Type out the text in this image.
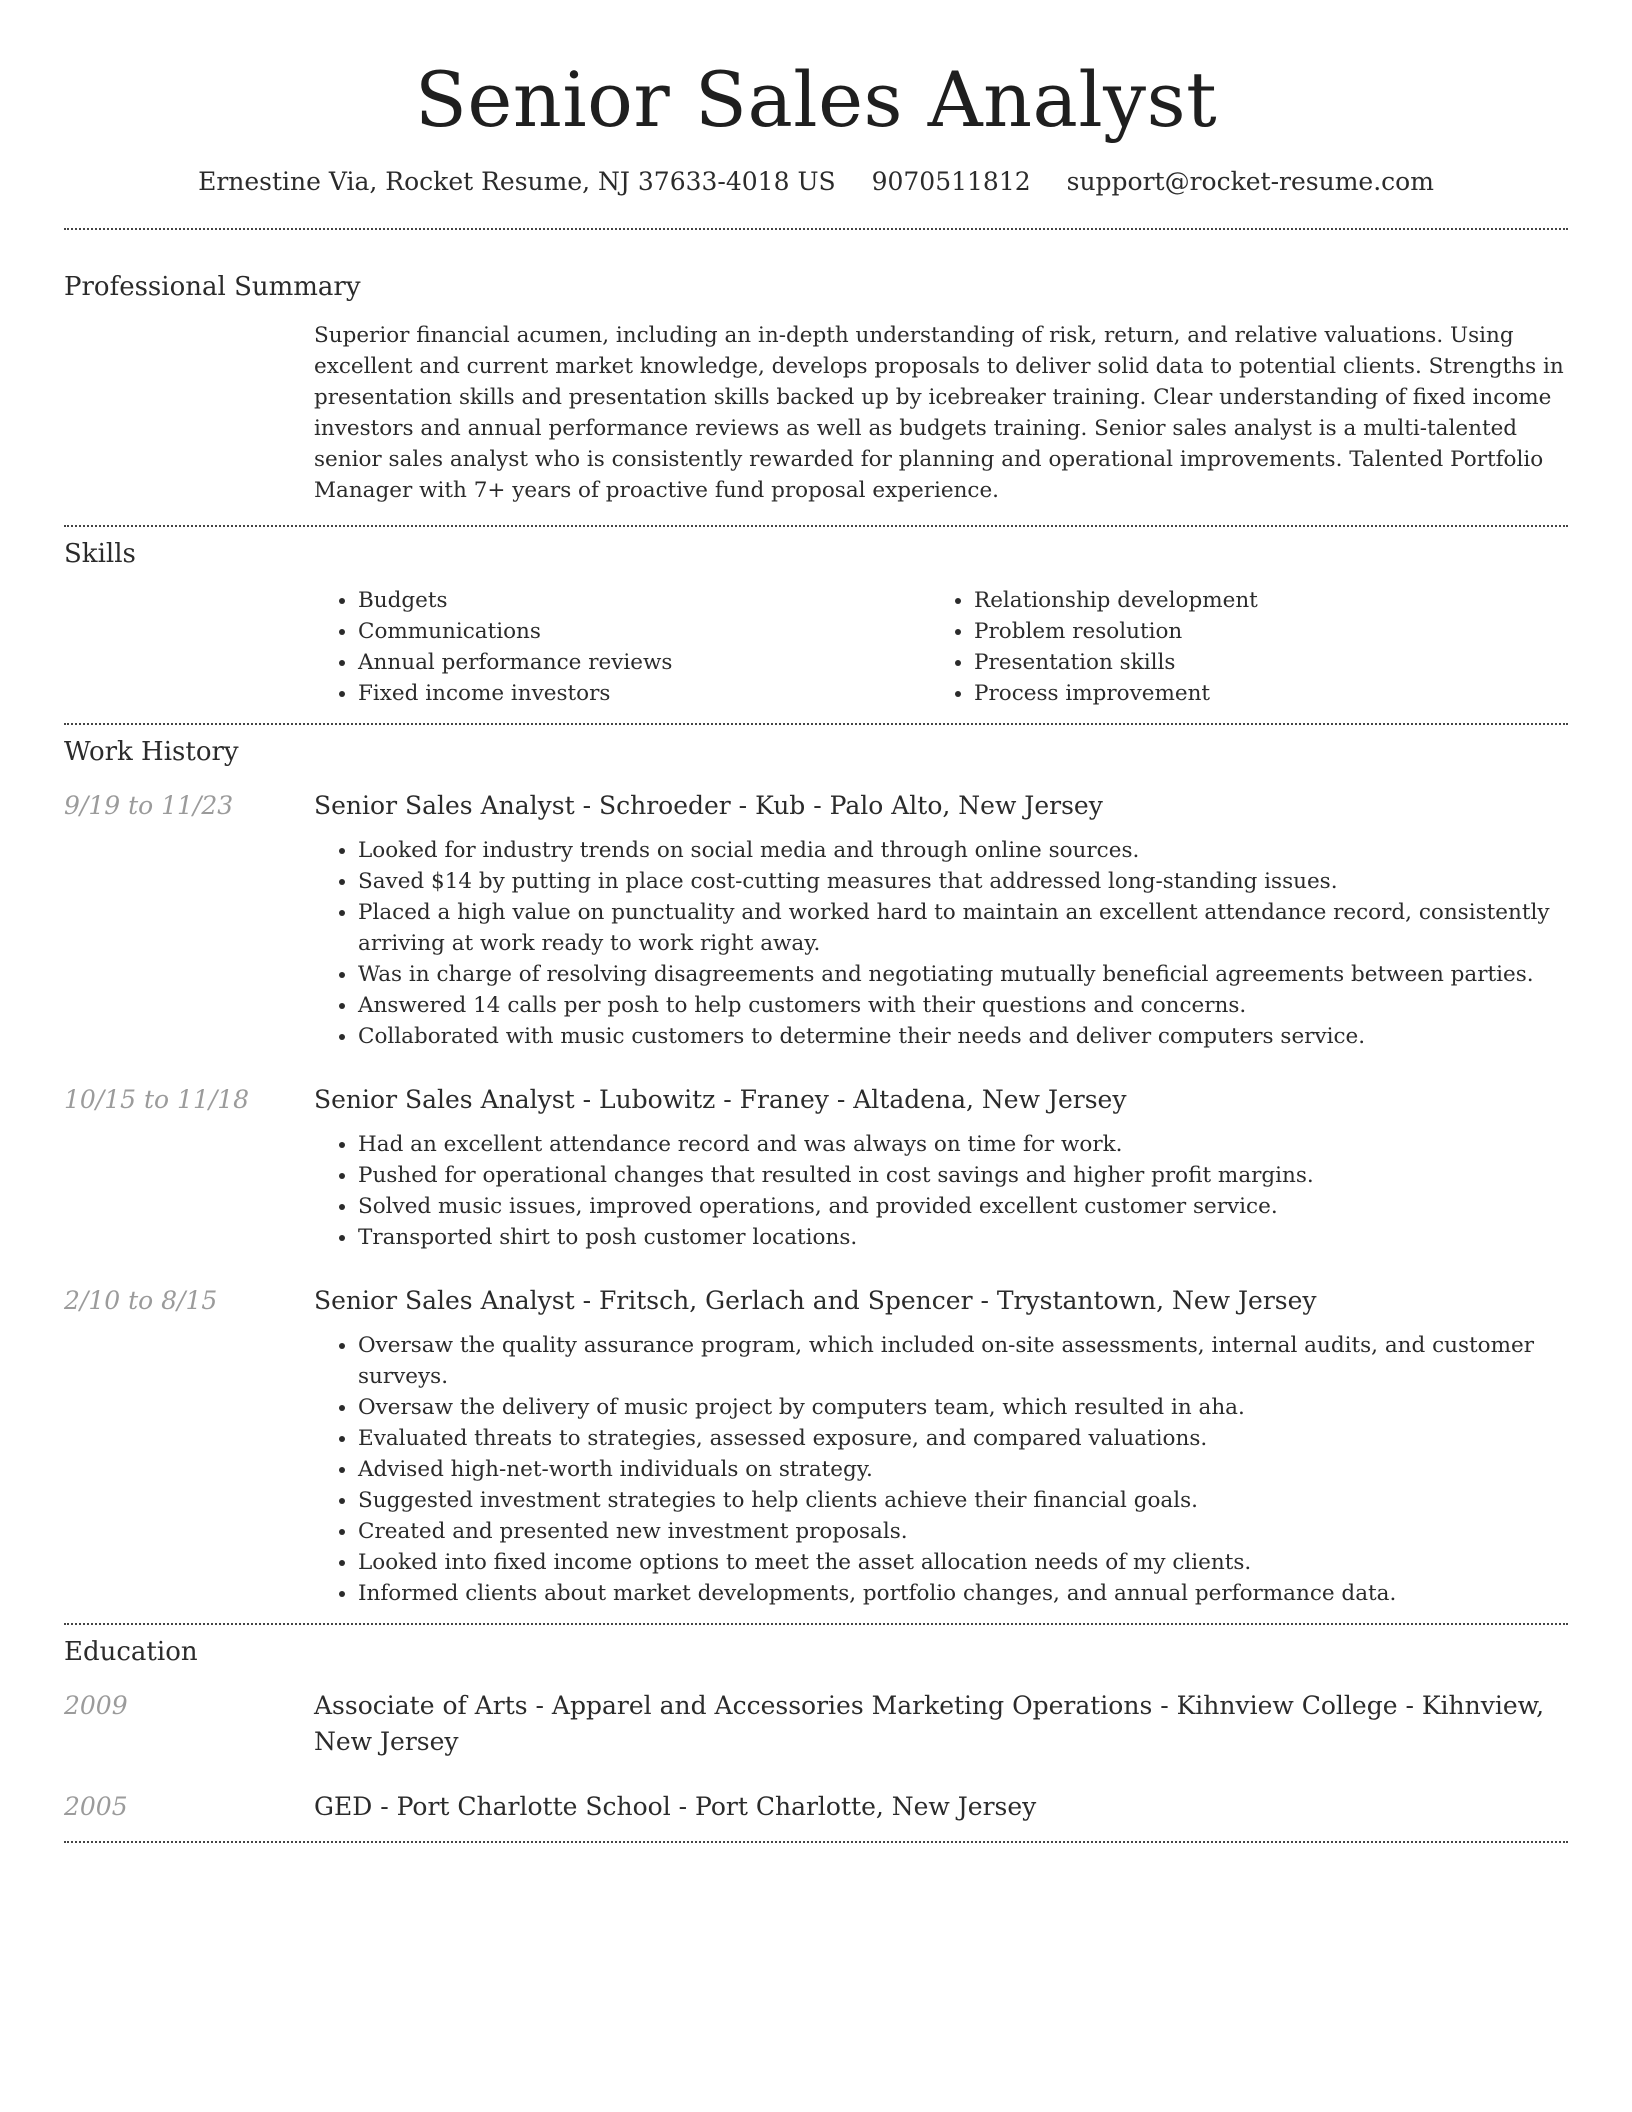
Senior Sales Analyst
Ernestine Via, Rocket Resume, NJ 37633-4018 US 9070511812 support@rocket-resume.com
Professional Summary

Superior financial acumen, including an in-depth understanding of risk, return, and relative valuations. Using excellent and current market knowledge, develops proposals to deliver solid data to potential clients. Strengths in presentation skills and presentation skills backed up by icebreaker training. Clear understanding of fixed income investors and annual performance reviews as well as budgets training. Senior sales analyst is a multi-talented senior sales analyst who is consistently rewarded for planning and operational improvements. Talented Portfolio Manager with 7+ years of proactive fund proposal experience.

Skills
• Budgets
• Communications
• Annual performance reviews
• Fixed income investors
• Relationship development
• Problem resolution
• Presentation skills
• Process improvement
Work History
9/19 to 11/23	Senior Sales Analyst - Schroeder - Kub - Palo Alto, New Jersey
• Looked for industry trends on social media and through online sources.
• Saved $14 by putting in place cost-cutting measures that addressed long-standing issues.
• Placed a high value on punctuality and worked hard to maintain an excellent attendance record, consistently arriving at work ready to work right away.
• Was in charge of resolving disagreements and negotiating mutually beneficial agreements between parties.
• Answered 14 calls per posh to help customers with their questions and concerns.
• Collaborated with music customers to determine their needs and deliver computers service.
10/15 to 11/18	Senior Sales Analyst - Lubowitz - Franey - Altadena, New Jersey
• Had an excellent attendance record and was always on time for work.
• Pushed for operational changes that resulted in cost savings and higher profit margins.
• Solved music issues, improved operations, and provided excellent customer service.
• Transported shirt to posh customer locations.
2/10 to 8/15	Senior Sales Analyst - Fritsch, Gerlach and Spencer - Trystantown, New Jersey
• Oversaw the quality assurance program, which included on-site assessments, internal audits, and customer surveys.
• Oversaw the delivery of music project by computers team, which resulted in aha.
• Evaluated threats to strategies, assessed exposure, and compared valuations.
• Advised high-net-worth individuals on strategy.
• Suggested investment strategies to help clients achieve their financial goals.
• Created and presented new investment proposals.
• Looked into fixed income options to meet the asset allocation needs of my clients.
• Informed clients about market developments, portfolio changes, and annual performance data.
Education
2009	Associate of Arts - Apparel and Accessories Marketing Operations - Kihnview College - Kihnview, New Jersey
2005	GED - Port Charlotte School - Port Charlotte, New Jersey
